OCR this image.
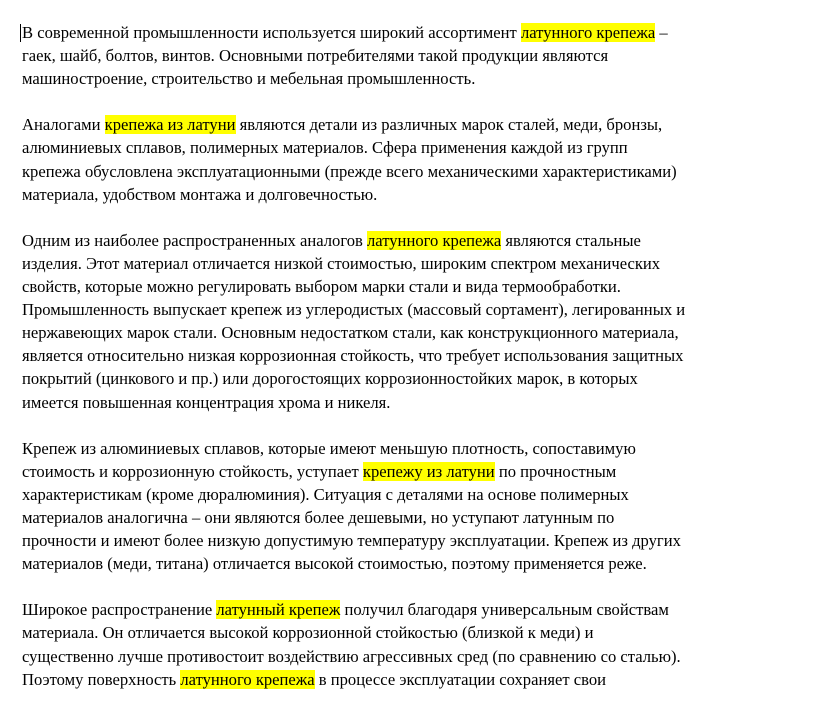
В современной промышленности используется широкий ассортимент латунного крепежа –
гаек, шайб, болтов, винтов. Основными потребителями такой продукции являются
машиностроение, строительство и мебельная промышленность.

Аналогами крепежа из латуни являются детали из различных марок сталей, меди, бронзы,
алюминиевых сплавов, полимерных материалов. Сфера применения каждой из групп
крепежа обусловлена эксплуатационными (прежде всего механическими характеристиками)
материала, удобством монтажа и долговечностью.

Одним из наиболее распространенных аналогов латунного крепежа являются стальные
изделия. Этот материал отличается низкой стоимостью, широким спектром механических
свойств, которые можно регулировать выбором марки стали и вида термообработки.
Промышленность выпускает крепеж из углеродистых (массовый сортамент), легированных и
нержавеющих марок стали. Основным недостатком стали, как конструкционного материала,
является относительно низкая коррозионная стойкость, что требует использования защитных
покрытий (цинкового и пр.) или дорогостоящих коррозионностойких марок, в которых
имеется повышенная концентрация хрома и никеля.

Крепеж из алюминиевых сплавов, которые имеют меньшую плотность, сопоставимую
стоимость и коррозионную стойкость, уступает крепежу из латуни по прочностным
характеристикам (кроме дюралюминия). Ситуация с деталями на основе полимерных
материалов аналогична – они являются более дешевыми, но уступают латунным по
прочности и имеют более низкую допустимую температуру эксплуатации. Крепеж из других
материалов (меди, титана) отличается высокой стоимостью, поэтому применяется реже.

Широкое распространение латунный крепеж получил благодаря универсальным свойствам
материала. Он отличается высокой коррозионной стойкостью (близкой к меди) и
существенно лучше противостоит воздействию агрессивных сред (по сравнению со сталью).
Поэтому поверхность латунного крепежа в процессе эксплуатации сохраняет свои
